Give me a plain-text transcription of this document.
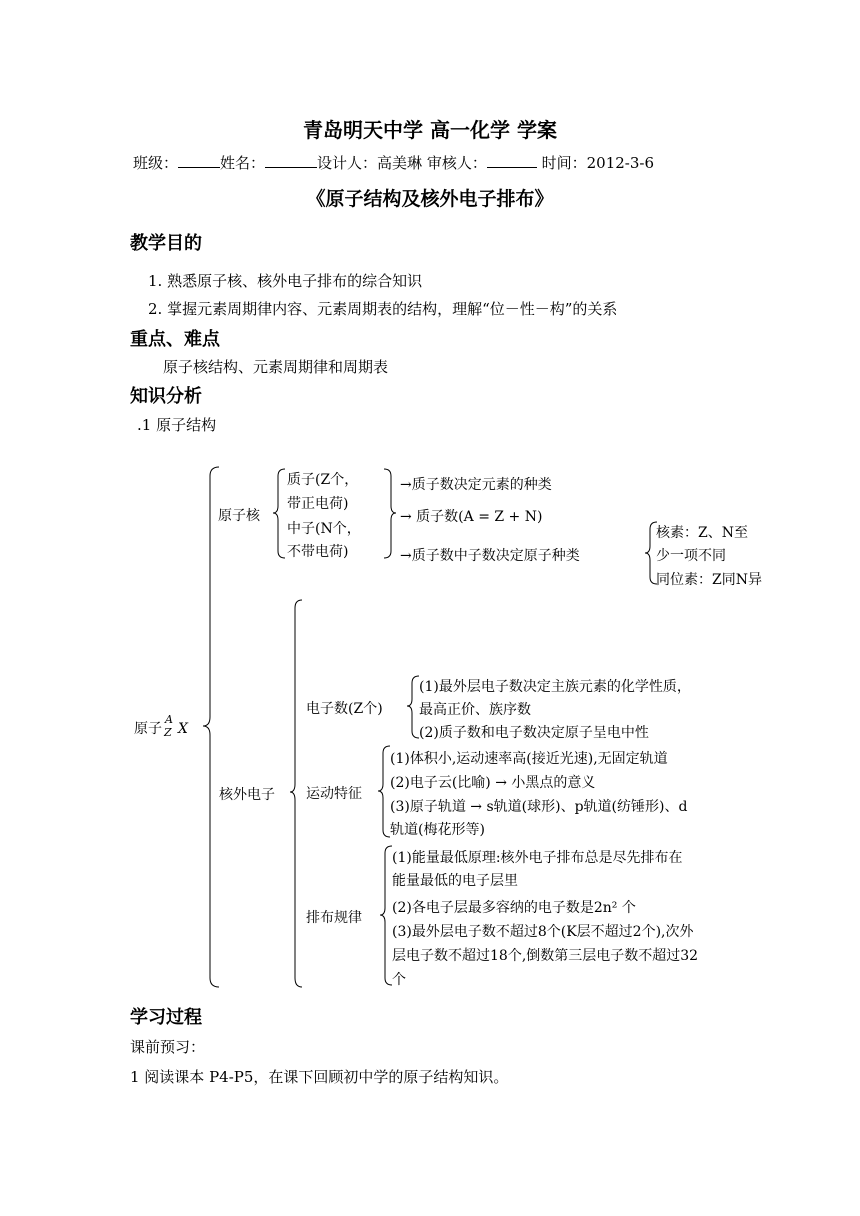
青岛明天中学 高一化学 学案
班级：	姓名：	设计人：高美琳 审核人：	时间：2012-3-6
《原子结构及核外电子排布》
教学目的
1. 熟悉原子核、核外电子排布的综合知识
2. 掌握元素周期律内容、元素周期表的结构，理解“位－性－构”的关系
重点、难点
原子核结构、元素周期律和周期表
知识分析
.1 原子结构
原子
A
Z X
原子核
质子(Z个，
带正电荷)
中子(N个，
不带电荷)
→质子数决定元素的种类
→ 质子数(A = Z + N)
→质子数中子数决定原子种类
核素：Z、N至
少一项不同
同位素：Z同N异
核外电子
电子数(Z个)
(1)最外层电子数决定主族元素的化学性质，
最高正价、族序数
(2)质子数和电子数决定原子呈电中性
运动特征
(1)体积小,运动速率高(接近光速),无固定轨道
(2)电子云(比喻) → 小黑点的意义
(3)原子轨道 → s轨道(球形)、p轨道(纺锤形)、d
轨道(梅花形等)
排布规律
(1)能量最低原理:核外电子排布总是尽先排布在
能量最低的电子层里
(2)各电子层最多容纳的电子数是2n² 个
(3)最外层电子数不超过8个(K层不超过2个),次外
层电子数不超过18个,倒数第三层电子数不超过32
个
学习过程
课前预习：
1 阅读课本 P4-P5，在课下回顾初中学的原子结构知识。
